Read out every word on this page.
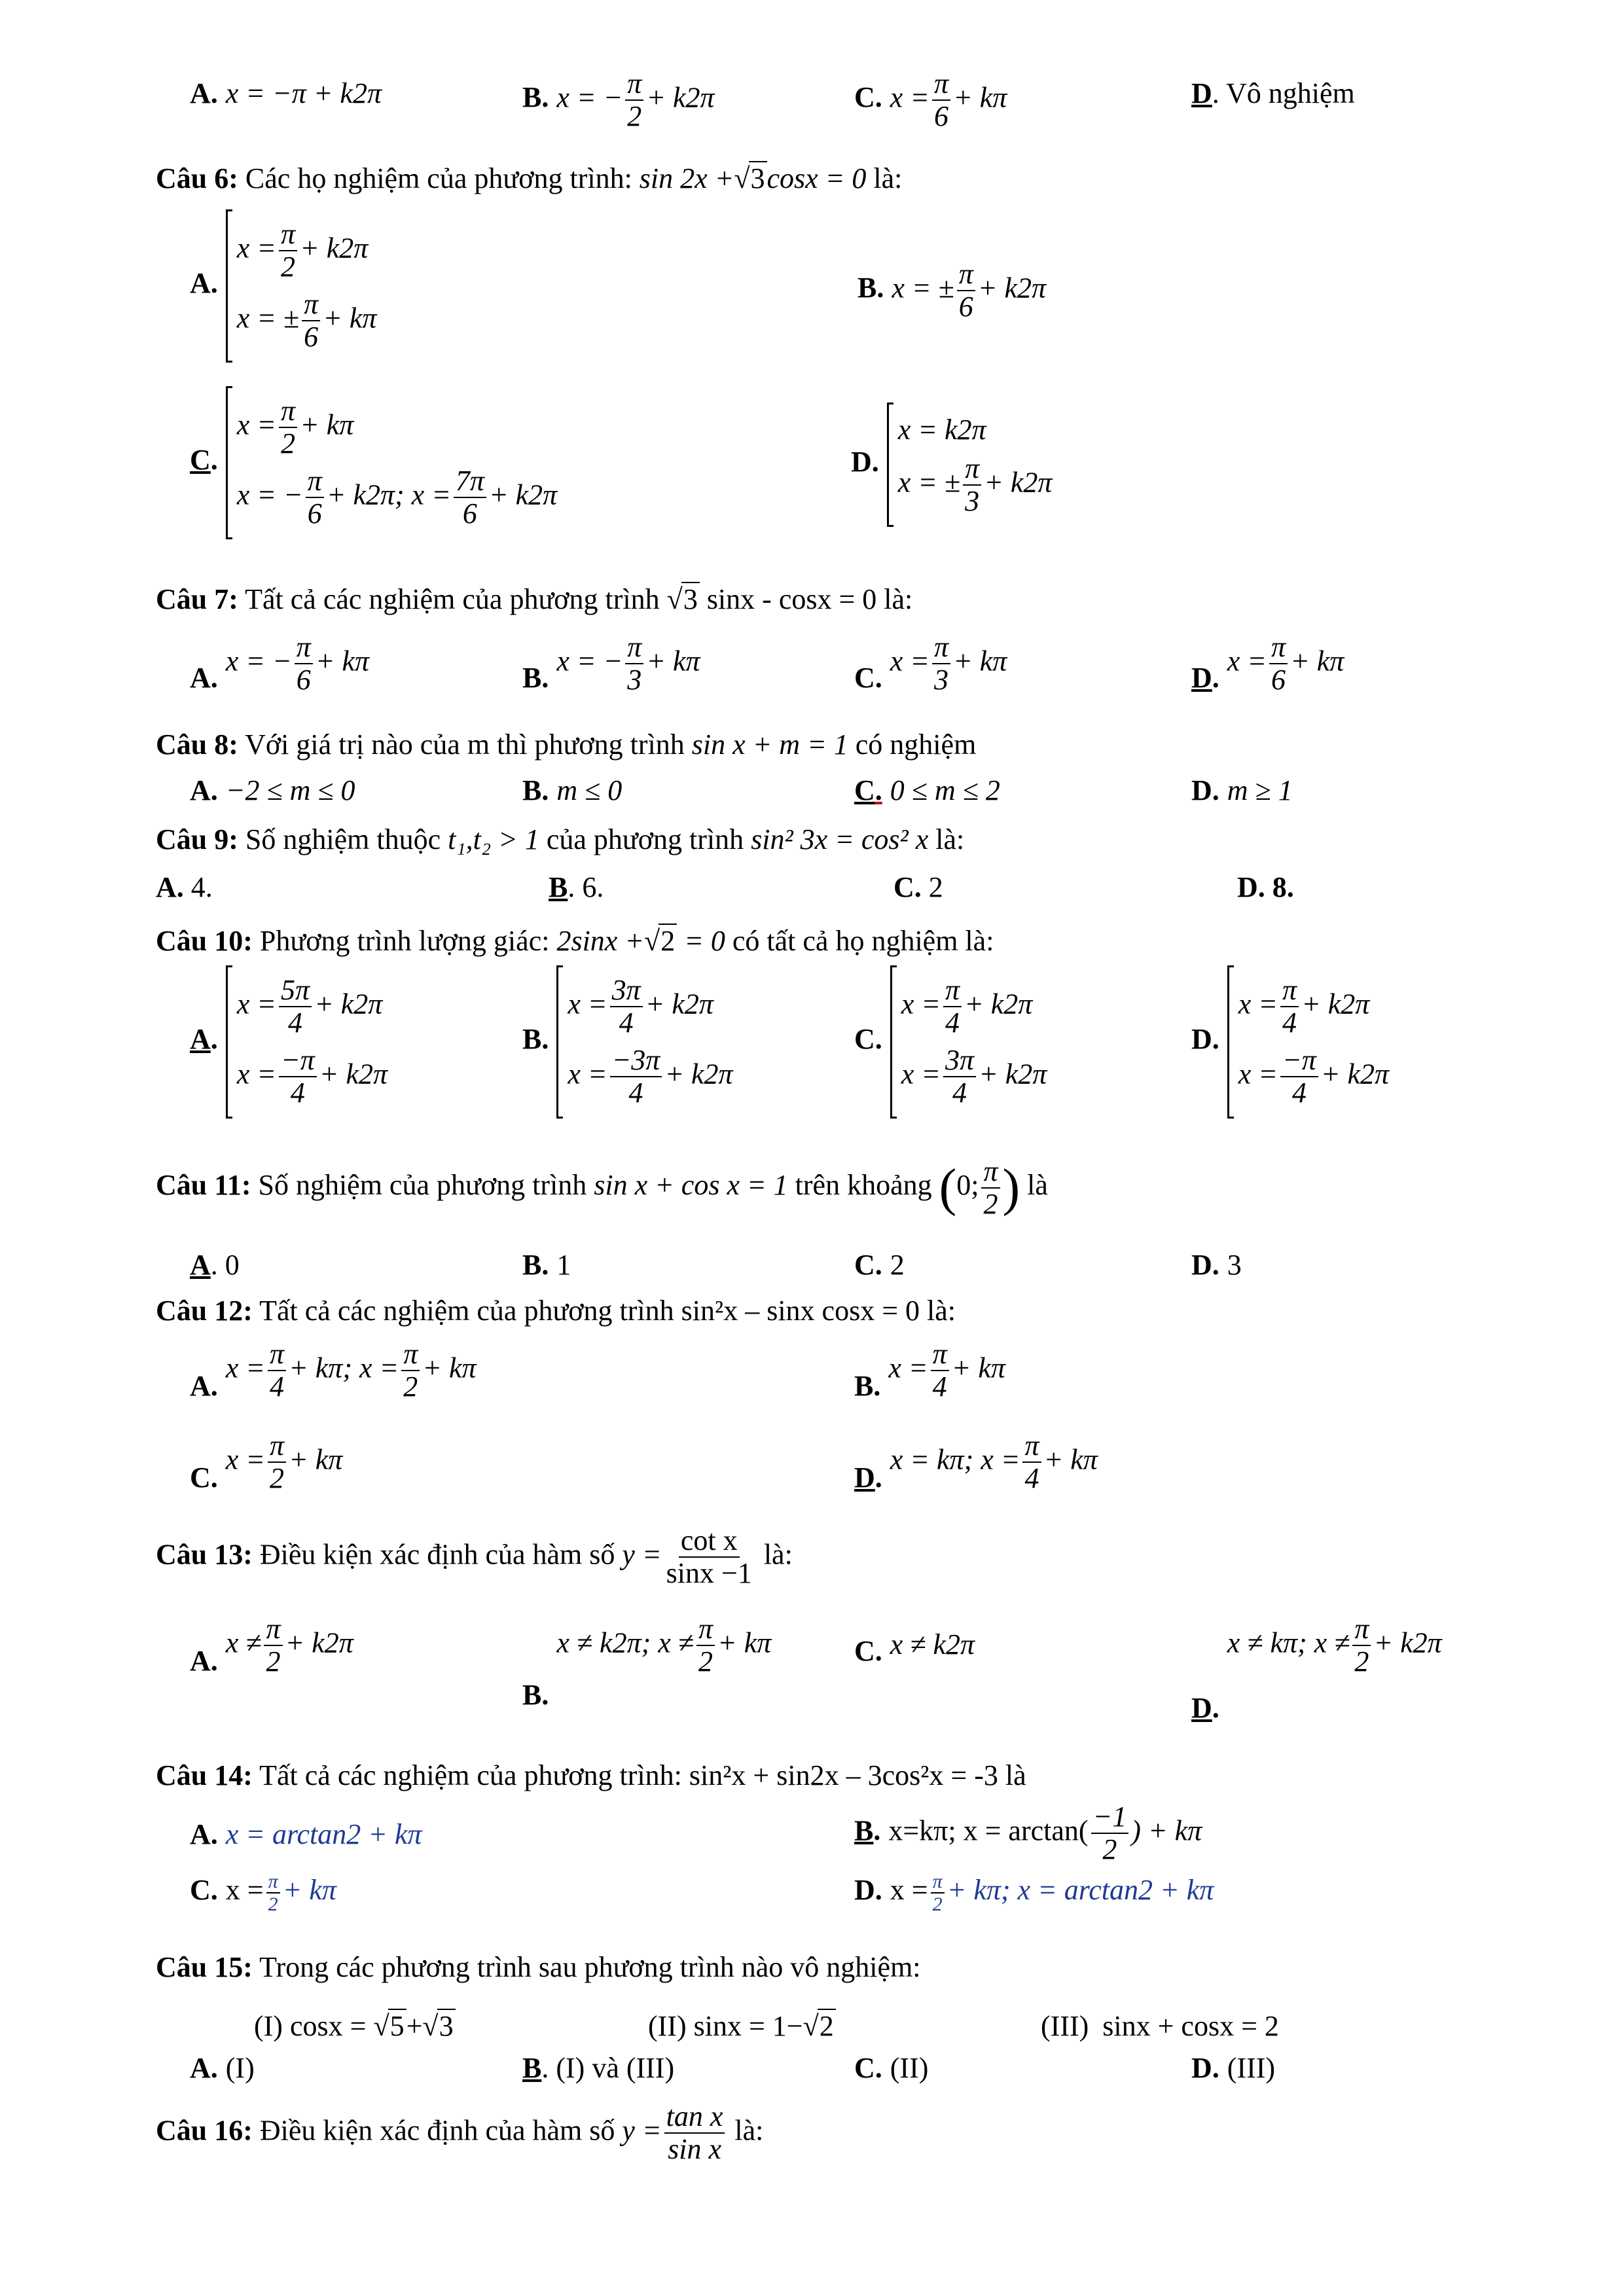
A. x = −π + k2π	B. x = − $\frac{\pi}{2} + k2\pi$	C. $x = \frac{\pi}{6} + k\pi$	D. Vô nghiệm
Câu 6: Các họ nghiệm của phương trình: sin 2x +√3cosx = 0 là:
A.
$x = \frac{\pi}{2} + k2\pi$
x = ± $\frac{\pi}{6} + k\pi$
B. x = ± $\frac{\pi}{6} + k2\pi$
C.
$x = \frac{\pi}{2} + k\pi$
x = − $\frac{\pi}{6} + k2\pi$; $x = \frac{7\pi}{6} + k2\pi$
D.
x = k2π
x = ± $\frac{\pi}{3} + k2\pi$
Câu 7: Tất cả các nghiệm của phương trình √3 sinx - cosx = 0 là:
A.x = − $\frac{\pi}{6} + k\pi$
B.x = − $\frac{\pi}{3} + k\pi$
$C.x = \frac{\pi}{3} + k\pi$
$D.x = \frac{\pi}{6} + k\pi$
Câu 8: Với giá trị nào của m thì phương trình sin x + m = 1 có nghiệm
A. −2 ≤ m ≤ 0	B. m ≤ 0	C. 0 ≤ m ≤ 2	D. m ≥ 1
Câu 9: Số nghiệm thuộc t₁,t₂ > 1 của phương trình sin² 3x = cos² x là:
A. 4.	B. 6.	C. 2	D. 8.
Câu 10: Phương trình lượng giác: 2sinx +√2 = 0 có tất cả họ nghiệm là:
A.
$x = \frac{5\pi}{4} + k2\pi$
$x = \frac{-\pi}{4} + k2\pi$
B.
$x = \frac{3\pi}{4} + k2\pi$
$x = \frac{-3\pi}{4} + k2\pi$
C.
$x = \frac{\pi}{4} + k2\pi$
$x = \frac{3\pi}{4} + k2\pi$
D.
$x = \frac{\pi}{4} + k2\pi$
$x = \frac{-\pi}{4} + k2\pi$
Câu 11: Số nghiệm của phương trình sin x + cos x = 1 trên khoảng (0; $\frac{\pi}{2}$ ) là
A. 0	B. 1	C. 2	D. 3
Câu 12: Tất cả các nghiệm của phương trình sin²x – sinx cosx = 0 là:
$A.x = \frac{\pi}{4} + k\pi$; $x = \frac{\pi}{2} + k\pi$
$B.x = \frac{\pi}{4} + k\pi$
$C.x = \frac{\pi}{2} + k\pi$
D.x = kπ; $x = \frac{\pi}{4} + k\pi$
Câu 13: Điều kiện xác định của hàm số $y = \frac{\text{cot x}}{\sin x -1}$ là:
$A.x \ne \frac{\pi}{2} + k2\pi$
B.x ≠ k2π; $x \ne \frac{\pi}{2} + k\pi$	C. x ≠ k2π
D.x ≠ kπ; $x \ne \frac{\pi}{2} + k2\pi$
Câu 14: Tất cả các nghiệm của phương trình: sin²x + sin2x – 3cos²x = -3 là
A. x = arctan2 + kπ	B. x=kπ; $x = \arctan( \frac{-1}{2}$ ) + kπ
C. $x = \frac{\pi}{2} + k\pi$	D. $x = \frac{\pi}{2} + k\pi$; x = arctan2 + kπ
Câu 15: Trong các phương trình sau phương trình nào vô nghiệm:
(I) cosx = √5+√3	(II) sinx = 1−√2	(III) sinx + cosx = 2
A. (I)	B. (I) và (III)	C. (II)	D. (III)
Câu 16: Điều kiện xác định của hàm số $y = \frac{\text{tan x}}{\text{sin x}}$ là:
